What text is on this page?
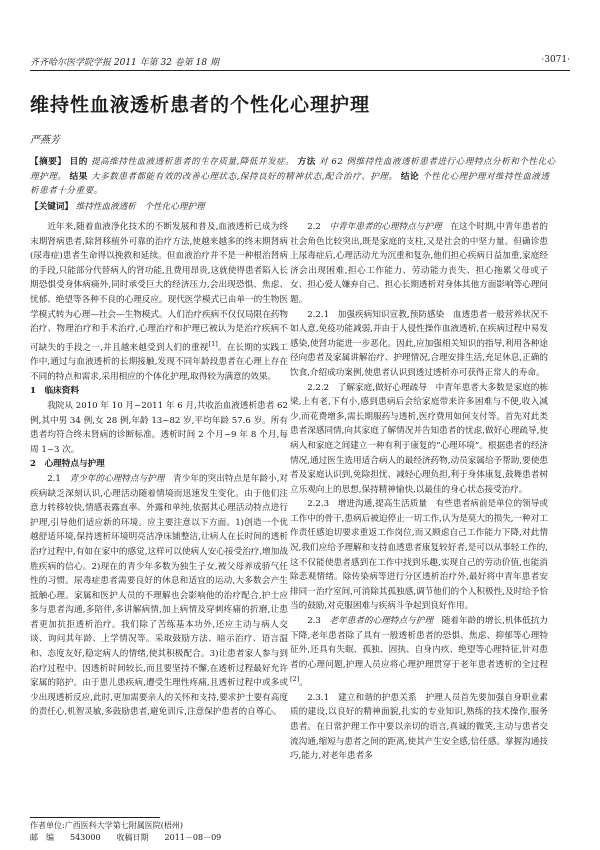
齐齐哈尔医学院学报 2011 年第 32 卷第 18 期	·3071·
维持性血液透析患者的个性化心理护理
严燕芳
【摘要】 目的 提高维持性血液透析患者的生存质量,降低并发症。 方法 对 62 例维持性血液透析患者进行心理特点分析和个性化心理护理。 结果 大多数患者都能有效的改善心理状态,保持良好的精神状态,配合治疗、护理。 结论 个性化心理护理对维持性血液透析患者十分重要。
【关键词】 维持性血液透析　个性化心理护理

近年来,随着血液净化技术的不断发展和普及,血液透析已成为终末期肾病患者,除肾移植外可靠的治疗方法,使越来越多的终末期肾病(尿毒症)患者生命得以挽救和延续。但血液治疗并不是一种根治肾病的手段,只能部分代替病人的肾功能,且费用昂贵,这就使得患者陷入长期恐惧受身体病痛外,同时承受巨大的经济压力,会出现恐惧、焦虑、忧郁、绝望等各种不良的心理反应。现代医学模式已由单一的生物医学模式转为心理—社会—生物模式。人们治疗疾病不仅仅局限在药物治疗、物理治疗和手术治疗,心理治疗和护理已被认为是治疗疾病不可缺失的手段之一,并且越来越受到人们的重视[1]。在长期的实践工作中,通过与血液透析的长期接触,发现不同年龄段患者在心理上存在不同的特点和需求,采用相应的个体化护理,取得较为满意的效果。

1　临床资料

我院从 2010 年 10 月~2011 年 6 月,共收治血液透析患者 62 例,其中男 34 例,女 28 例,年龄 13~82 岁,平均年龄 57.6 岁。所有患者均符合终末肾病的诊断标准。透析时间 2 个月~9 年 8 个月,每周 1~3 次。

2　心理特点与护理

2.1　 青少年的心理特点与护理　 青少年的突出特点是年龄小,对疾病缺乏深刻认识,心理活动随着情境而迅速发生变化。由于他们注意力转移较快,情感表露直率、外露和单纯,依据其心理活动特点进行护理,引导他们适应新的环境。应主要注意以下方面。1)创造一个优越舒适环境,保持透析环境明亮洁净床铺整洁,让病人在长时间的透析治疗过程中,有如在家中的感觉,这样可以使病人安心接受治疗,增加战胜疾病的信心。2)现在的青少年多数为独生子女,被父母养成骄气任性的习惯。尿毒症患者需要良好的休息和适宜的运动,大多数会产生抵触心理。家属和医护人员的不理解也会影响他的治疗配合,护士应多与患者沟通,多陪伴,多讲解病情,加上病情及穿刺疼痛的折磨,让患者更加抗拒透析治疗。我们除了苦练基本功外,还应主动与病人交谈、询问其年龄、上学情况等。采取鼓励方法、暗示治疗、语言温和、态度友好,稳定病人的情绪,使其积极配合。3)让患者家人参与到治疗过程中。因透析时间较长,而且要坚持不懈,在透析过程最好允许家属的陪护。由于患儿患疾病,遭受生理性疼痛,且透析过程中或多或少出现透析反应,此时,更加需要亲人的关怀和支持,要求护士要有高度的责任心,机智灵敏,多鼓励患者,避免训斥,注意保护患者的自尊心。

2.2　 中青年患者的心理特点与护理　 在这个时期,中青年患者的社会角色比较突出,既是家庭的支柱,又是社会的中坚力量。但确诊患上尿毒症后,心理活动尤为沉重和复杂,他们担心疾病日益加重,家庭经济会出现困难,担心工作能力、劳动能力丧失、担心拖累父母或子女、担心爱人嫌弃自己、担心长期透析对身体其他方面影响等心理问题。

2.2.1　加强疾病知识宣教,预防感染　 血透患者一般营养状况不如人意,免疫功能减弱,并由于人侵性操作血液透析,在疾病过程中易发感染,使肾功能进一步恶化。因此,应加强相关知识的指导,利用各种途径向患者及家属讲解治疗、护理情况,合理安排生活,充足休息,正确的饮食,介绍成功案例,使患者认识到透过透析亦可获得正常人的寿命。

2.2.2　了解家庭,做好心理疏导　 中青年患者大多数是家庭的栋梁,上有老,下有小,感到患病后会给家庭带来许多困难与不便,收入减少,而花费增多,需长期服药与透析,医疗费用如何支付等。首先对此类患者深感同情,向其家庭了解情况并告知患者的忧虑,做好心理疏导,使病人和家庭之间建立一种有利于康复的“心理环境”。根据患者的经济情况,通过医生选用适合病人的最经济药物,动员家属给予帮助,要使患者及家庭认识到,免除担忧、减轻心理负担,利于身体康复,鼓舞患者树立乐观向上的思想,保持精神愉快,以最佳的身心状态接受治疗。

2.2.3　增进沟通,提高生活质量　 有些患者病前是单位的领导或工作中的骨干,患病后被迫停止一切工作,认为是莫大的损失,一种对工作责任感迫切要求重返工作岗位,而又顾虑自己工作能力下降,对此情况,我们应给予理解和支持血透患者康复较好者,是可以从事轻工作的,这不仅能使患者感到在工作中找到乐趣,实现自己的劳动价值,也能消除悲观情绪。除传染病等进行分区透析治疗外,最好将中青年患者安排同一治疗室间,可消除其孤独感,调节他们的个人积极性,及时给予恰当的鼓励,对克服困难与疾病斗争起到良好作用。

2.3　 老年患者的心理特点与护理　 随着年龄的增长,机体低抗力下降,老年患者除了具有一般透析患者的恐惧、焦虑、抑郁等心理特征外,还具有失眠、孤独、固执、自身内疚、绝望等心理特征,针对患者的心理问题,护理人员应将心理护理贯穿于老年患者透析的全过程[2]。

2.3.1　建立和谐的护患关系　 护理人员首先要加强自身职业素质的建设,以良好的精神面貌,扎实的专业知识,熟练的技术操作,服务患者。在日常护理工作中要以亲切的语言,真诚的微笑,主动与患者交流沟通,缩短与患者之间的距离,使其产生安全感,信任感。掌握沟通技巧,能力,对老年患者多

作者单位:广西医科大学第七附属医院(梧州)
邮　编 543000 收稿日期 2011－08－09
